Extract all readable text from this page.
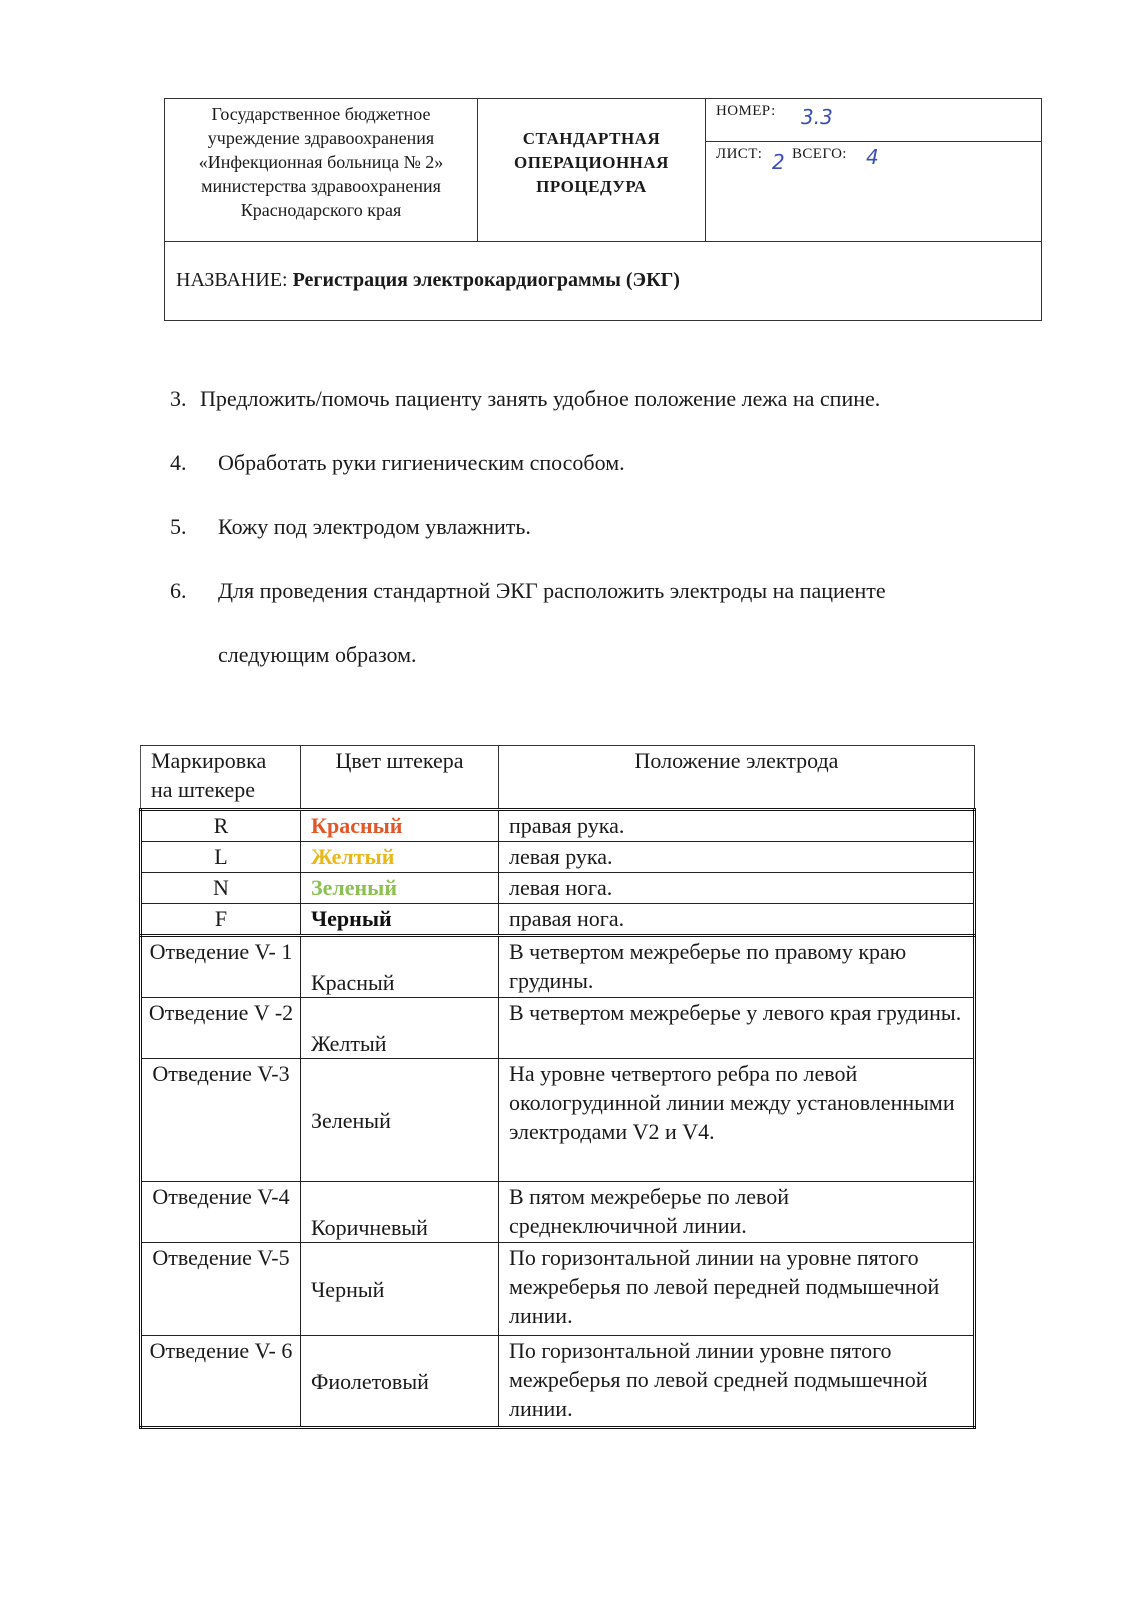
Государственное бюджетное
учреждение здравоохранения
«Инфекционная больница № 2»
министерства здравоохранения
Краснодарского края
СТАНДАРТНАЯ
ОПЕРАЦИОННАЯ
ПРОЦЕДУРА
НОМЕР: 3.3
ЛИСТ: 2 ВСЕГО: 4
НАЗВАНИЕ: Регистрация электрокардиограммы (ЭКГ)
3. Предложить/помочь пациенту занять удобное положение лежа на спине.
4. Обработать руки гигиеническим способом.
5. Кожу под электродом увлажнить.
6. Для проведения стандартной ЭКГ расположить электроды на пациенте
следующим образом.
Маркировка на штекере	Цвет штекера	Положение электрода
R	Красный	правая рука.
L	Желтый	левая рука.
N	Зеленый	левая нога.
F	Черный	правая нога.
Отведение V- 1	Красный	В четвертом межреберье по правому краю грудины.
Отведение V -2	Желтый	В четвертом межреберье у левого края грудины.
Отведение V-3	Зеленый	На уровне четвертого ребра по левой окологрудинной линии между установленными электродами V2 и V4.
Отведение V-4	Коричневый	В пятом межреберье по левой среднеключичной линии.
Отведение V-5	Черный	По горизонтальной линии на уровне пятого межреберья по левой передней подмышечной линии.
Отведение V- 6	Фиолетовый	По горизонтальной линии уровне пятого межреберья по левой средней подмышечной линии.
